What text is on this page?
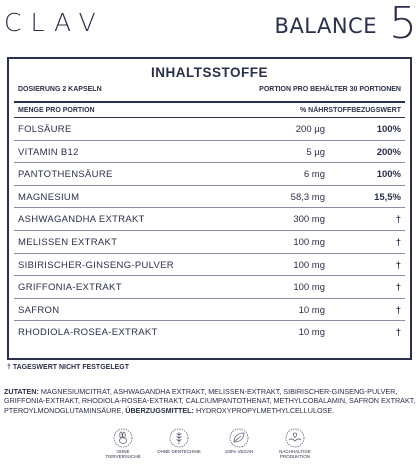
CLAV	BALANCE 5
INHALTSSTOFFE
DOSIERUNG 2 KAPSELN	PORTION PRO BEHÄLTER 30 PORTIONEN
MENGE PRO PORTION	% NÄHRSTOFFBEZUGSWERT
FOLSÄURE	200 µg	100%
VITAMIN B12	5 µg	200%
PANTOTHENSÄURE	6 mg	100%
MAGNESIUM	58,3 mg	15,5%
ASHWAGANDHA EXTRAKT	300 mg	†
MELISSEN EXTRAKT	100 mg	†
SIBIRISCHER-GINSENG-PULVER	100 mg	†
GRIFFONIA-EXTRAKT	100 mg	†
SAFRON	10 mg	†
RHODIOLA-ROSEA-EXTRAKT	10 mg	†
† TAGESWERT NICHT FESTGELEGT
ZUTATEN: MAGNESIUMCITRAT, ASHWAGANDHA EXTRAKT, MELISSEN-EXTRAKT, SIBIRISCHER-GINSENG-PULVER, GRIFFONIA-EXTRAKT, RHODIOLA-ROSEA-EXTRAKT, CALCIUMPANTOTHENAT, METHYLCOBALAMIN, SAFRON EXTRAKT, PTEROYLMONOGLUTAMINSÄURE, ÜBERZUGSMITTEL: HYDROXYPROPYLMETHYLCELLULOSE.
OHNE TIERVERSUCHE
OHNE GENTECHNIK	100% VEGAN	NACHHALTIGE PRODUKTION
